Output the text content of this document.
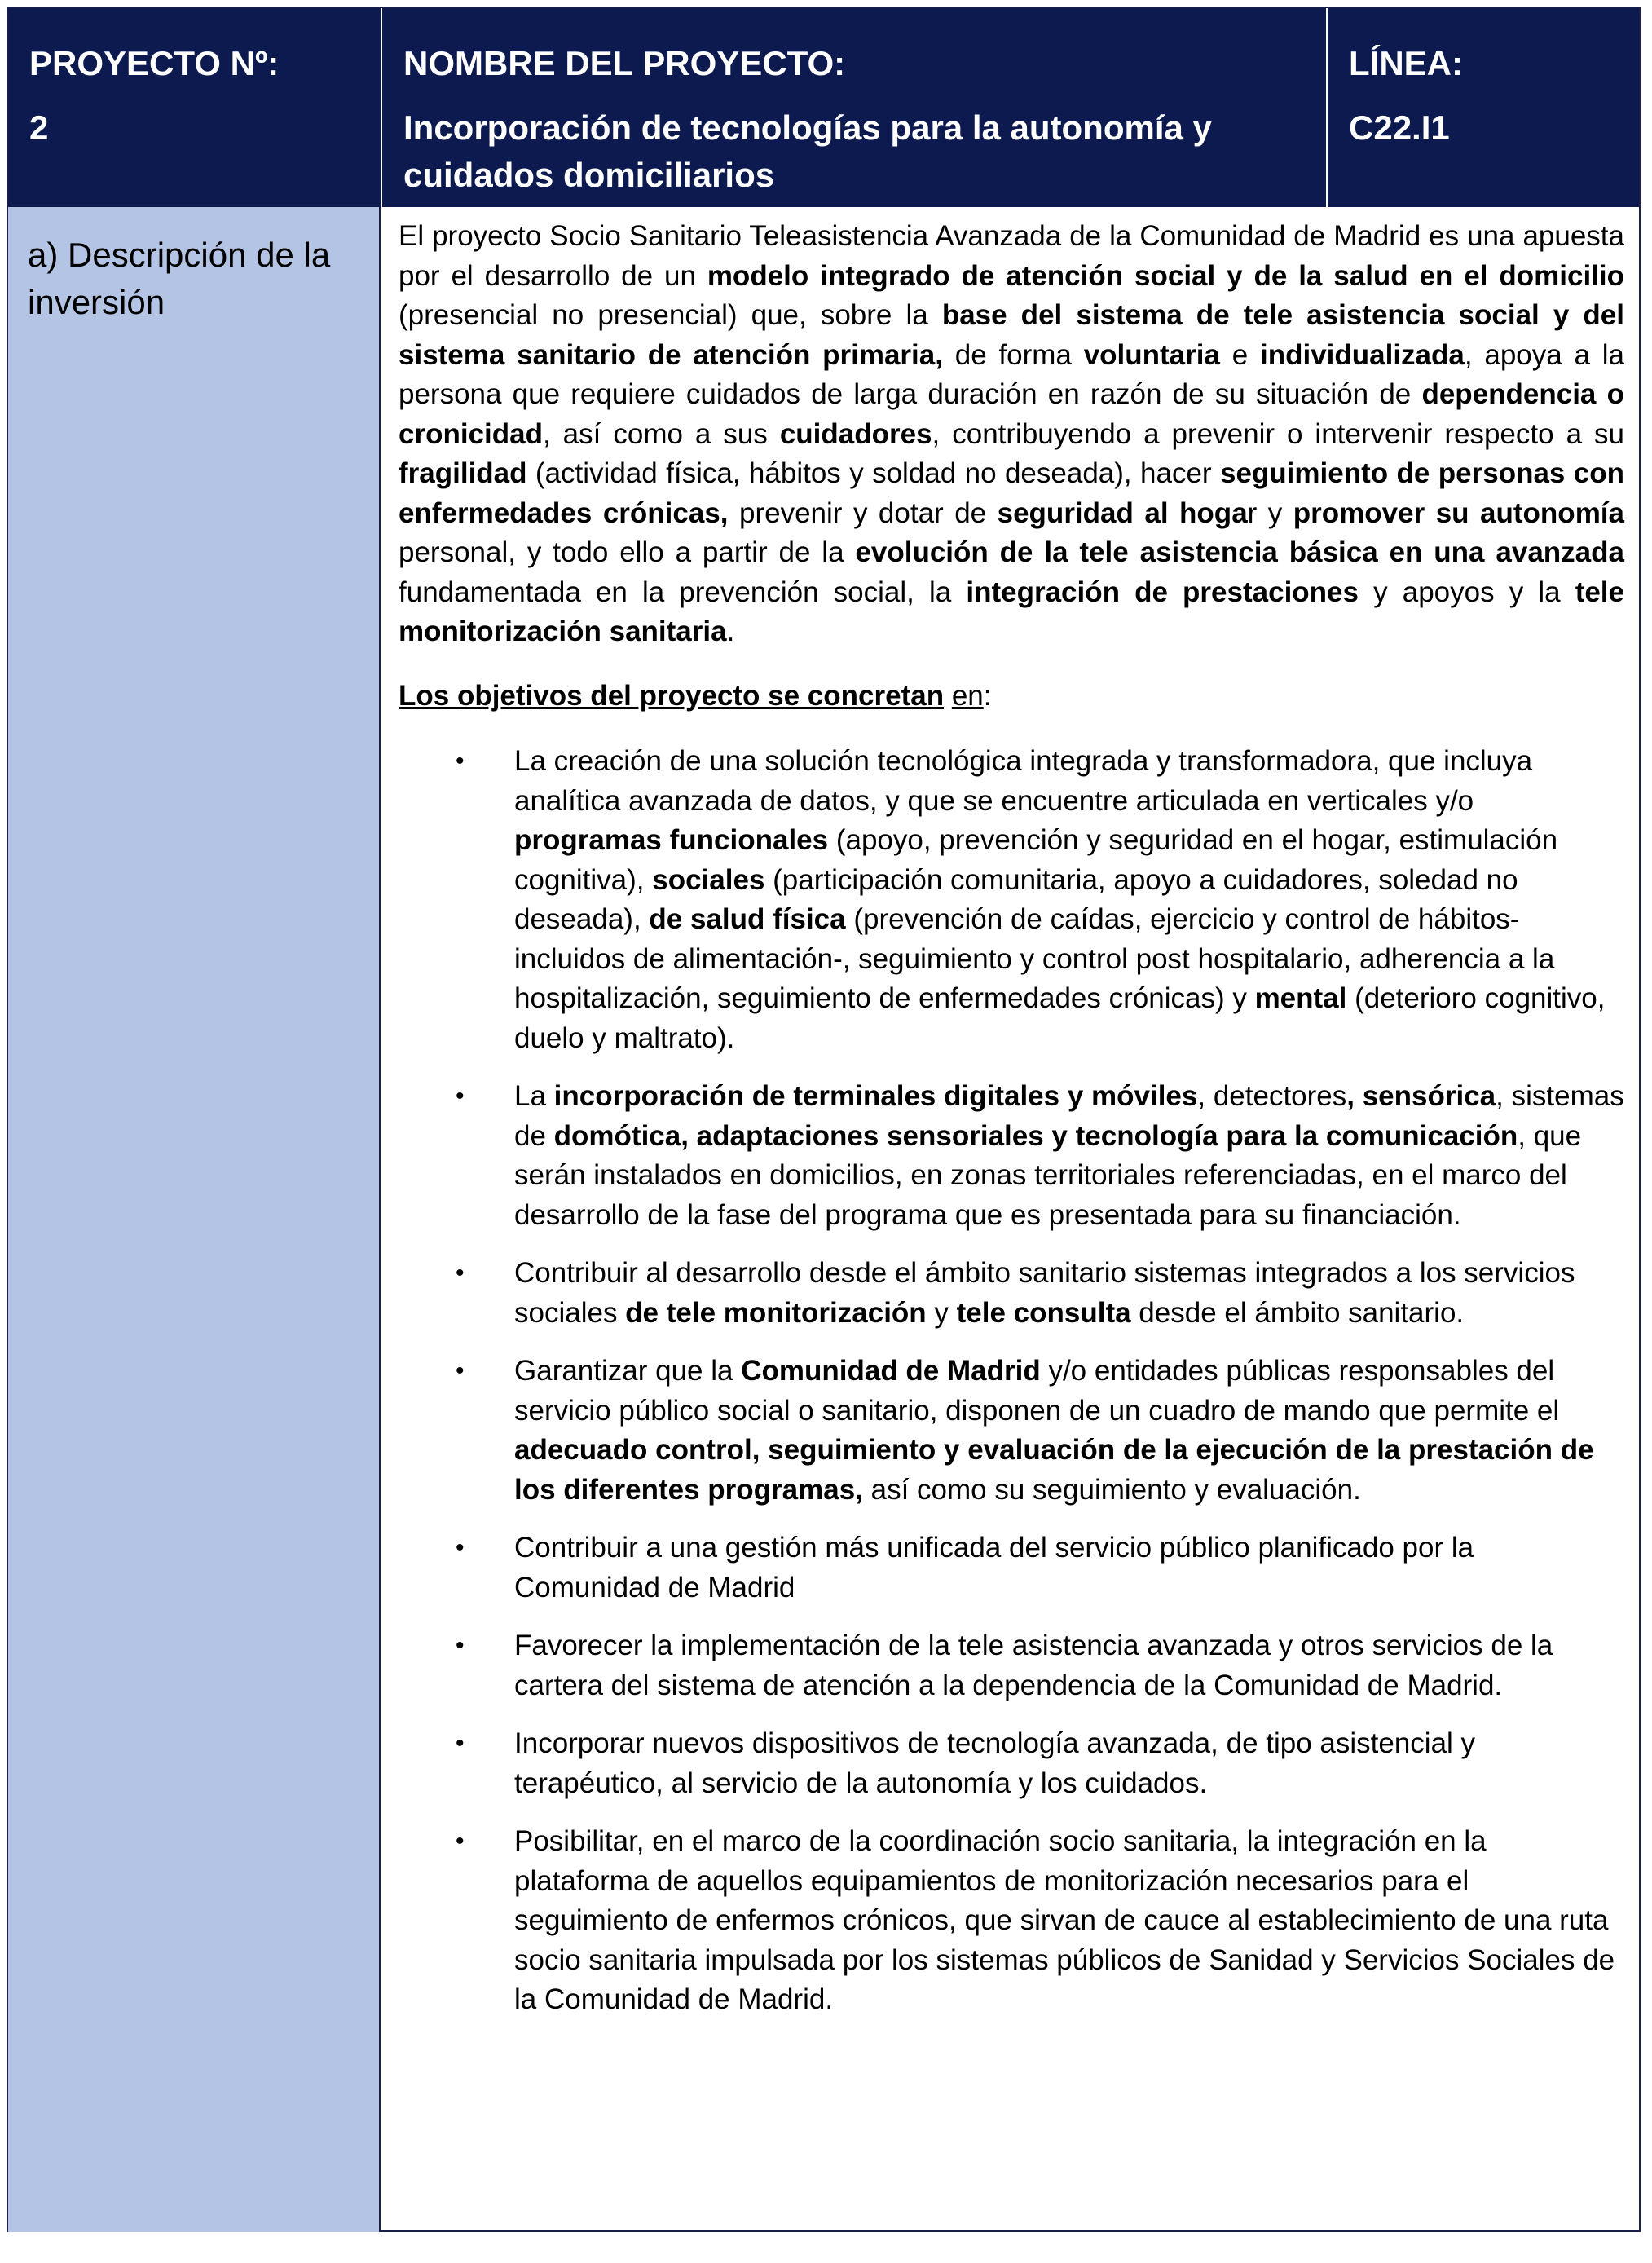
PROYECTO Nº:
2
NOMBRE DEL PROYECTO:
Incorporación de tecnologías para la autonomía y cuidados domiciliarios
LÍNEA:
C22.I1
a) Descripción de la inversión

El proyecto Socio Sanitario Teleasistencia Avanzada de la Comunidad de Madrid es una apuesta por el desarrollo de un modelo integrado de atención social y de la salud en el domicilio (presencial no presencial) que, sobre la base del sistema de tele asistencia social y del sistema sanitario de atención primaria, de forma voluntaria e individualizada, apoya a la persona que requiere cuidados de larga duración en razón de su situación de dependencia o cronicidad, así como a sus cuidadores, contribuyendo a prevenir o intervenir respecto a su fragilidad (actividad física, hábitos y soldad no deseada), hacer seguimiento de personas con enfermedades crónicas, prevenir y dotar de seguridad al hogar y promover su autonomía personal, y todo ello a partir de la evolución de la tele asistencia básica en una avanzada fundamentada en la prevención social, la integración de prestaciones y apoyos y la tele monitorización sanitaria.

Los objetivos del proyecto se concretan en:

• La creación de una solución tecnológica integrada y transformadora, que incluya analítica avanzada de datos, y que se encuentre articulada en verticales y/o programas funcionales (apoyo, prevención y seguridad en el hogar, estimulación cognitiva), sociales (participación comunitaria, apoyo a cuidadores, soledad no deseada), de salud física (prevención de caídas, ejercicio y control de hábitos-incluidos de alimentación-, seguimiento y control post hospitalario, adherencia a la hospitalización, seguimiento de enfermedades crónicas) y mental (deterioro cognitivo, duelo y maltrato).
• La incorporación de terminales digitales y móviles, detectores, sensórica, sistemas de domótica, adaptaciones sensoriales y tecnología para la comunicación, que serán instalados en domicilios, en zonas territoriales referenciadas, en el marco del desarrollo de la fase del programa que es presentada para su financiación.
• Contribuir al desarrollo desde el ámbito sanitario sistemas integrados a los servicios sociales de tele monitorización y tele consulta desde el ámbito sanitario.
• Garantizar que la Comunidad de Madrid y/o entidades públicas responsables del servicio público social o sanitario, disponen de un cuadro de mando que permite el adecuado control, seguimiento y evaluación de la ejecución de la prestación de los diferentes programas, así como su seguimiento y evaluación.
• Contribuir a una gestión más unificada del servicio público planificado por la Comunidad de Madrid
• Favorecer la implementación de la tele asistencia avanzada y otros servicios de la cartera del sistema de atención a la dependencia de la Comunidad de Madrid.
• Incorporar nuevos dispositivos de tecnología avanzada, de tipo asistencial y terapéutico, al servicio de la autonomía y los cuidados.
• Posibilitar, en el marco de la coordinación socio sanitaria, la integración en la plataforma de aquellos equipamientos de monitorización necesarios para el seguimiento de enfermos crónicos, que sirvan de cauce al establecimiento de una ruta socio sanitaria impulsada por los sistemas públicos de Sanidad y Servicios Sociales de la Comunidad de Madrid.
